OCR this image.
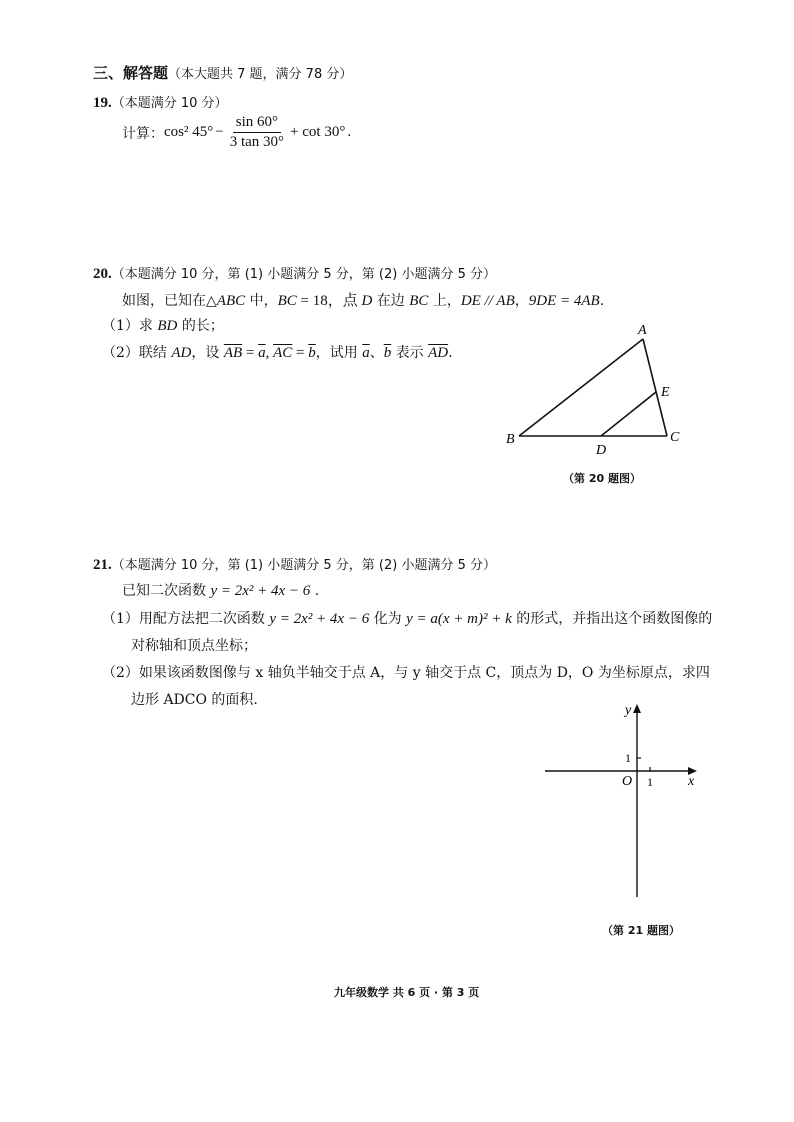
三、解答题（本大题共 7 题，满分 78 分）
19.（本题满分 10 分）
计算： cos² $45^\circ - \frac{\sin 60^\circ}{3 \tan 30^\circ} + \cot 30^\circ$ .
20.（本题满分 10 分，第 (1) 小题满分 5 分，第 (2) 小题满分 5 分）
如图，已知在△ABC 中，BC = 18，点 D 在边 BC 上，DE // AB，9DE = 4AB.
（1）求 BD 的长；
（2）联结 AD，设 $\overline{AB} = \overline{a}$, $\overline{AC} = \overline{b}$，试用 $\overline{a}$、$\overline{b}$ 表示 $\overline{AD}$.
A
B	C
D
E
y
x
O 1
1
（第 20 题图）
21.（本题满分 10 分，第 (1) 小题满分 5 分，第 (2) 小题满分 5 分）
已知二次函数 y = 2x² + 4x − 6 .
（1）用配方法把二次函数 y = 2x² + 4x − 6 化为 y = a(x + m)² + k 的形式，并指出这个函数图像的
对称轴和顶点坐标；
（2）如果该函数图像与 x 轴负半轴交于点 A，与 y 轴交于点 C，顶点为 D，O 为坐标原点，求四
边形 ADCO 的面积.
（第 21 题图）
九年级数学 共 6 页 · 第 3 页
